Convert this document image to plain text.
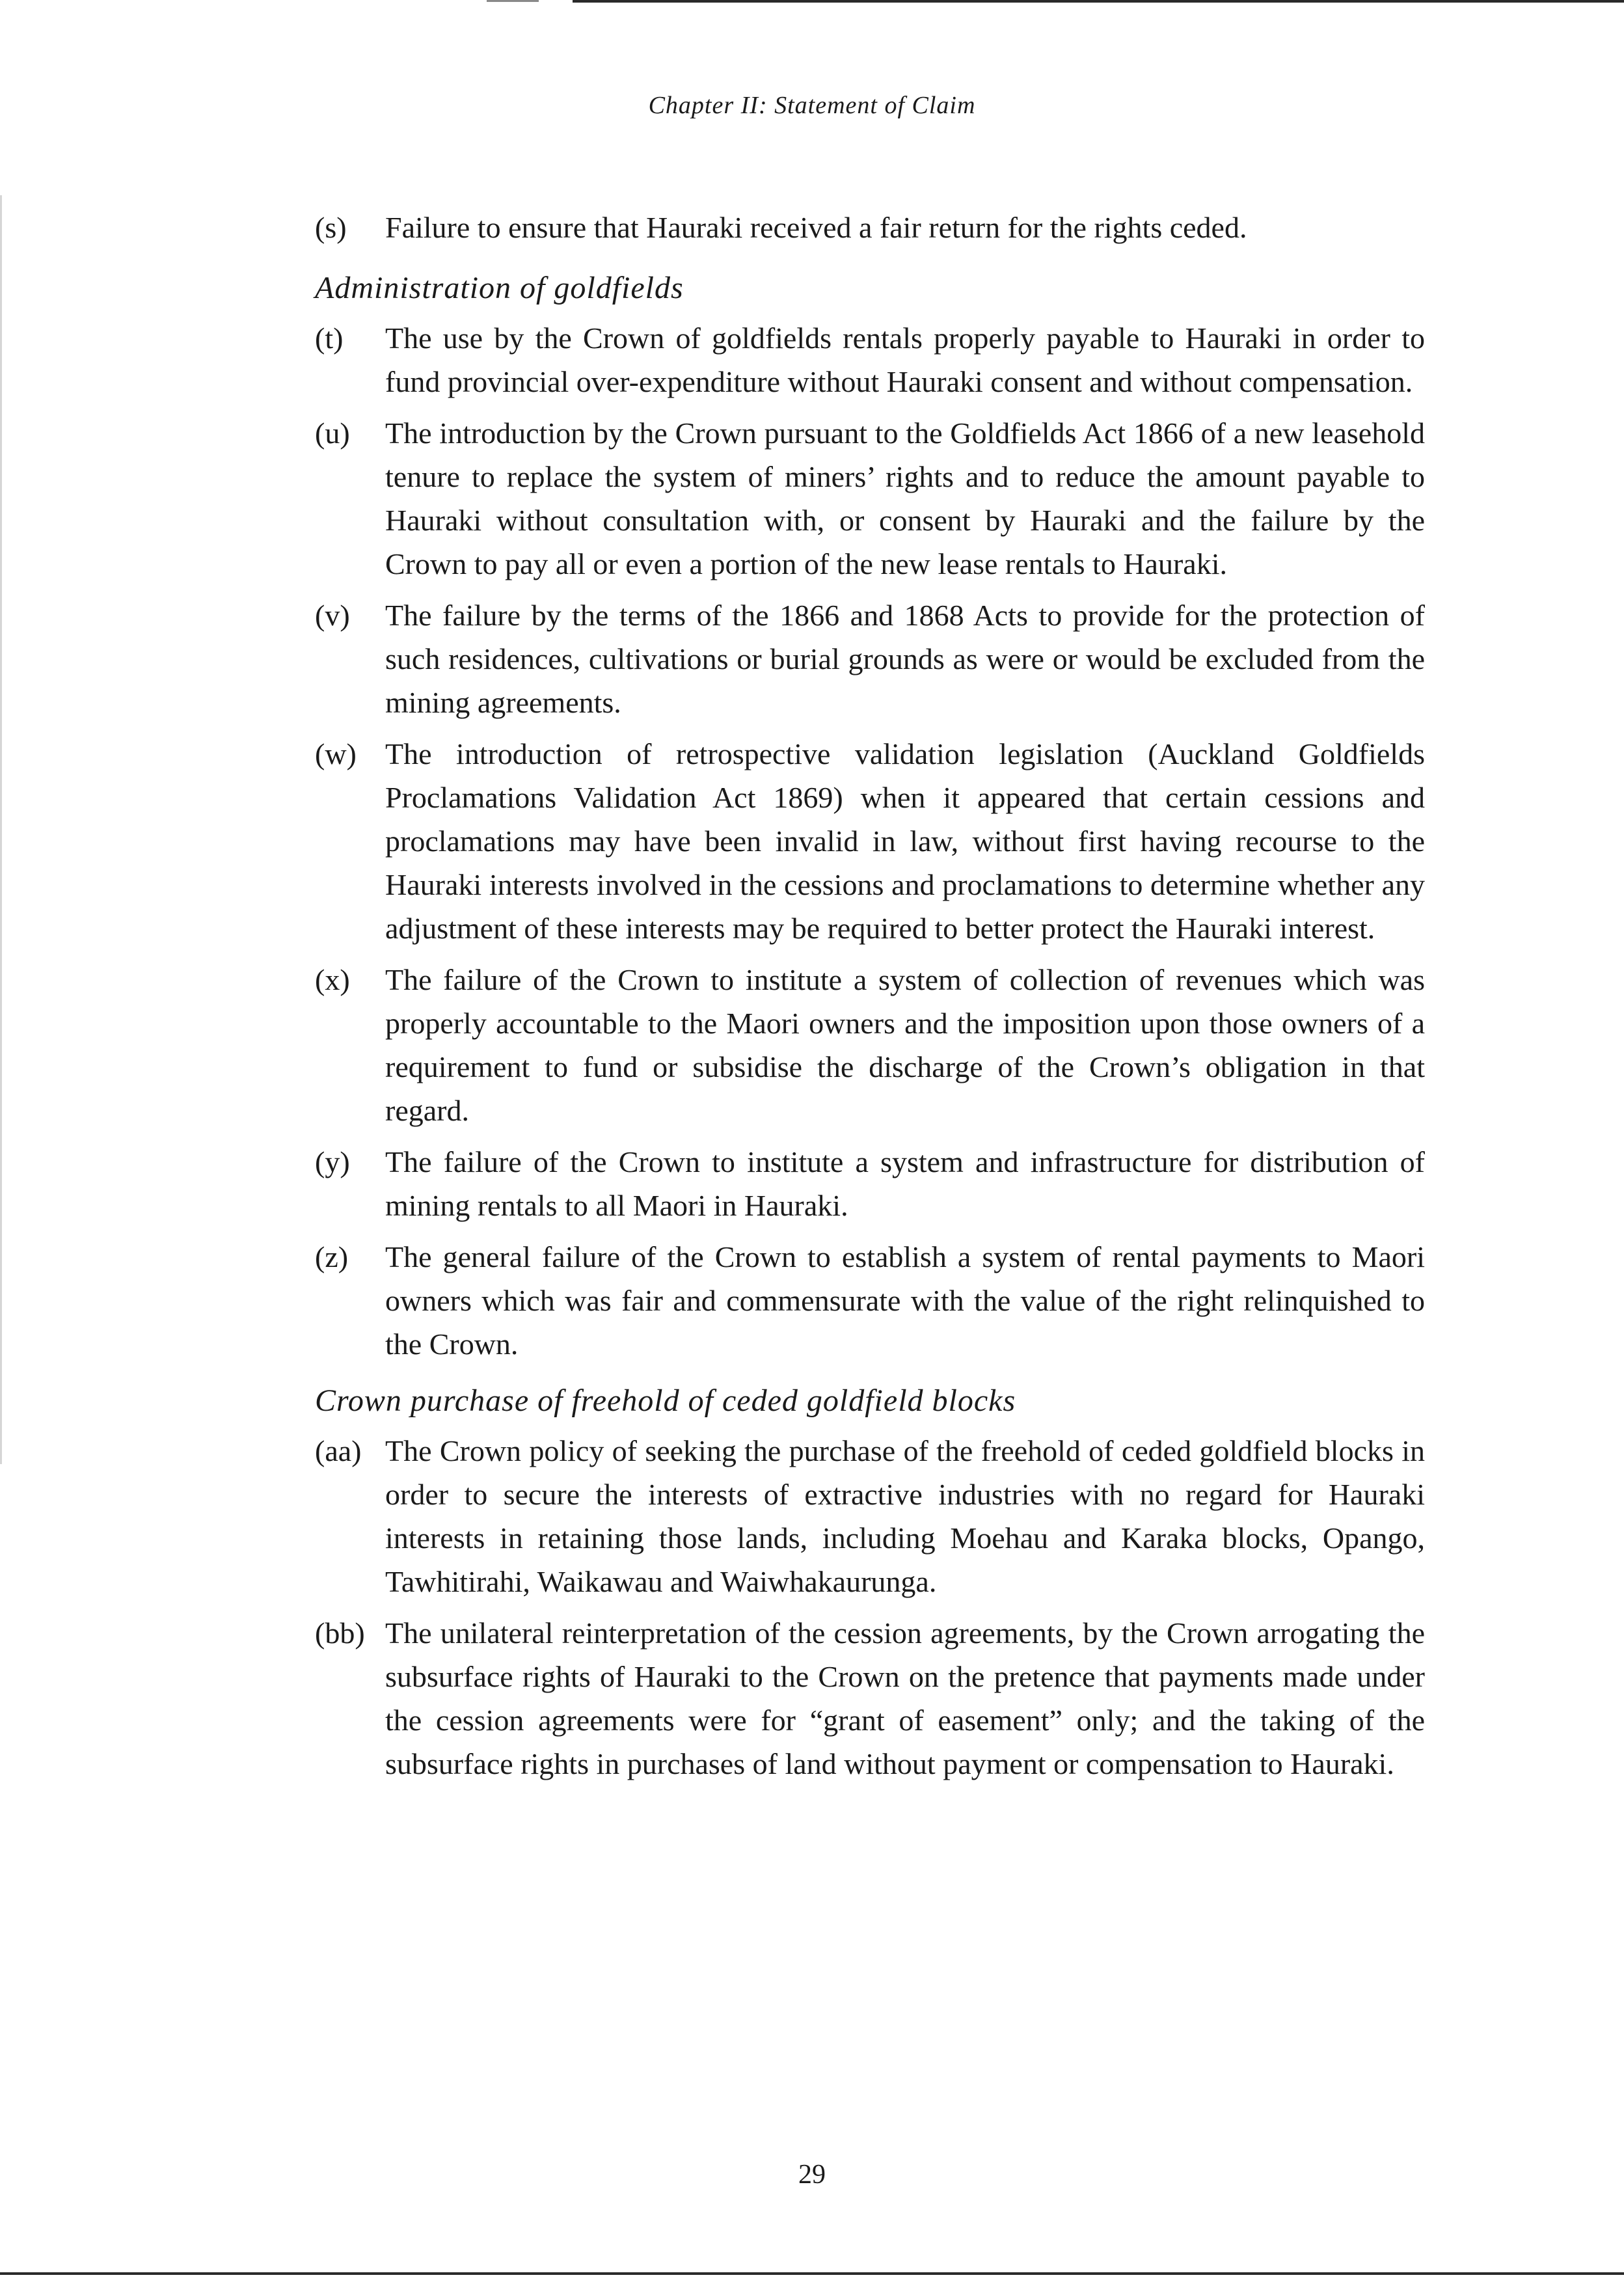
Chapter II: Statement of Claim
(s)	Failure to ensure that Hauraki received a fair return for the rights ceded.
Administration of goldfields
(t)	The use by the Crown of goldfields rentals properly payable to Hauraki in order to fund provincial over-expenditure without Hauraki consent and without compensation.
(u)	The introduction by the Crown pursuant to the Goldfields Act 1866 of a new leasehold tenure to replace the system of miners’ rights and to reduce the amount payable to Hauraki without consultation with, or consent by Hauraki and the failure by the Crown to pay all or even a portion of the new lease rentals to Hauraki.
(v)	The failure by the terms of the 1866 and 1868 Acts to provide for the protection of such residences, cultivations or burial grounds as were or would be excluded from the mining agreements.
(w) The introduction of retrospective validation legislation (Auckland Goldfields Proclamations Validation Act 1869) when it appeared that certain cessions and proclamations may have been invalid in law, without first having recourse to the Hauraki interests involved in the cessions and proclamations to determine whether any adjustment of these interests may be required to better protect the Hauraki interest.
(x)	The failure of the Crown to institute a system of collection of revenues which was properly accountable to the Maori owners and the imposition upon those owners of a requirement to fund or subsidise the discharge of the Crown’s obligation in that regard.
(y)	The failure of the Crown to institute a system and infrastructure for distribution of mining rentals to all Maori in Hauraki.
(z)	The general failure of the Crown to establish a system of rental payments to Maori owners which was fair and commensurate with the value of the right relinquished to the Crown.
Crown purchase of freehold of ceded goldfield blocks
(aa) The Crown policy of seeking the purchase of the freehold of ceded goldfield blocks in order to secure the interests of extractive industries with no regard for Hauraki interests in retaining those lands, including Moehau and Karaka blocks, Opango, Tawhitirahi, Waikawau and Waiwhakaurunga.
(bb) The unilateral reinterpretation of the cession agreements, by the Crown arrogating the subsurface rights of Hauraki to the Crown on the pretence that payments made under the cession agreements were for “grant of easement” only; and the taking of the subsurface rights in purchases of land without payment or compensation to Hauraki.
29
